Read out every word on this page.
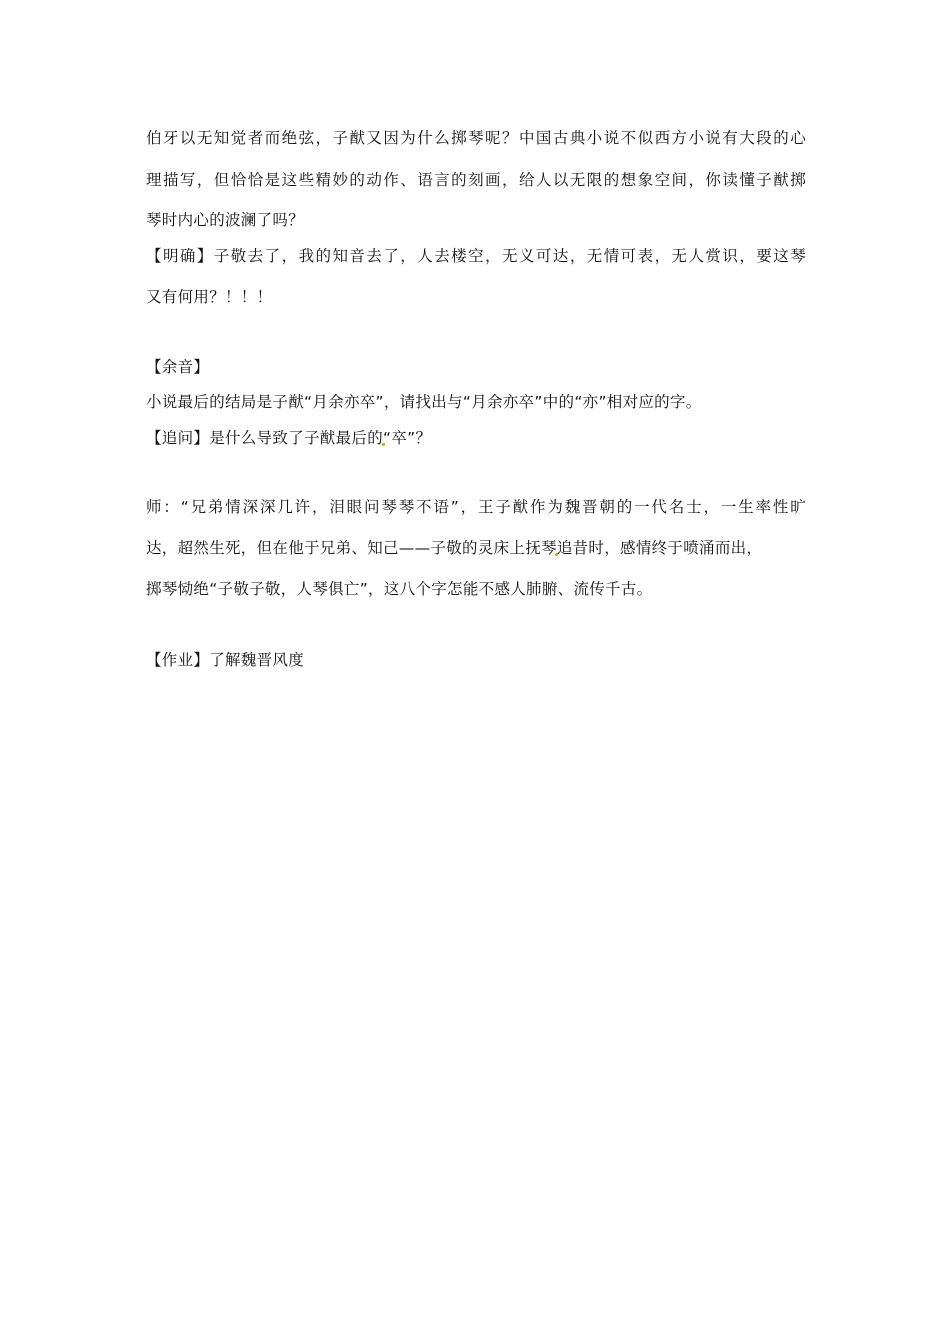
伯牙以无知觉者而绝弦，子猷又因为什么掷琴呢？中国古典小说不似西方小说有大段的心
理描写，但恰恰是这些精妙的动作、语言的刻画，给人以无限的想象空间，你读懂子猷掷
琴时内心的波澜了吗？
【明确】子敬去了，我的知音去了，人去楼空，无义可达，无情可表，无人赏识，要这琴
又有何用？！！！
【余音】
小说最后的结局是子猷“月余亦卒”，请找出与“月余亦卒”中的“亦”相对应的字。
【追问】是什么导致了子猷最后的“卒”？
师：“兄弟情深深几许，泪眼问琴琴不语”，王子猷作为魏晋朝的一代名士，一生率性旷
达，超然生死，但在他于兄弟、知己——子敬的灵床上抚琴追昔时，感情终于喷涌而出，
掷琴恸绝“子敬子敬，人琴俱亡”，这八个字怎能不感人肺腑、流传千古。
【作业】了解魏晋风度
